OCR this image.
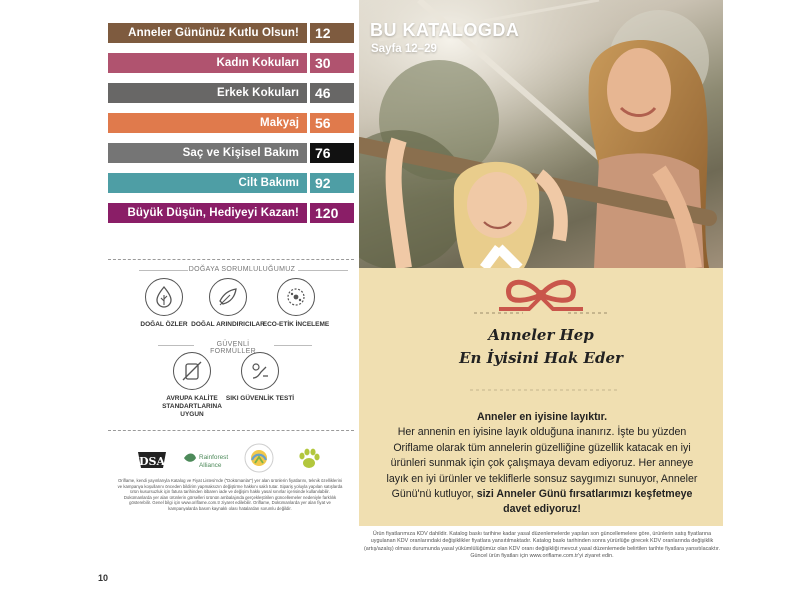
Anneler Gününüz Kutlu Olsun!	12
Kadın Kokuları	30
Erkek Kokuları	46
Makyaj	56
Saç ve Kişisel Bakım	76
Cilt Bakımı	92
Büyük Düşün, Hediyeyi Kazan!	120
DOĞAYA SORUMLULUĞUMUZ
DOĞAL ÖZLER DOĞAL ARINDIRICILAR
ECO-ETİK İNCELEME
GÜVENLİ FORMÜLLER
AVRUPA KALİTE STANDARTLARINA UYGUN
SIKI GÜVENLİK TESTİ
DSA	Rainforest
Alliance
Oriflame, kendi yayınlarıyla Katalog ve Fiyat Listesi'nde (“Dokümanlar”) yer alan ürünlerin fiyatlarını, teknik özelliklerini ve kampanya koşullarını önceden bildirim yapmaksızın değiştirme hakkını saklı tutar. Sipariş yoluyla yapılan satışlarda ürün kusursuzluk için fatura tarihinden itibaren iade ve değişim hakkı yasal sınırlar içerisinde kullanılabilir. Dokümanlarda yer alan ürünlerin görselleri ürünün ambalajında gerçekleştirilen güncellemeler nedeniyle farklılık gösterebilir. Genel bilgi için www.oriflame.com.tr ziyaret edilebilir. Oriflame, Dokümanlarda yer alan fiyat ve kampanyalarda basım kaynaklı olası hatalardan sorumlu değildir.
10
BU KATALOGDA
Sayfa 12–29
Anneler Hep
En İyisini Hak Eder
Anneler en iyisine layıktır.
Her annenin en iyisine layık olduğuna inanırız. İşte bu yüzden Oriflame olarak tüm annelerin güzelliğine güzellik katacak en iyi ürünleri sunmak için çok çalışmaya devam ediyoruz. Her anneye layık en iyi ürünler ve tekliflerle sonsuz saygımızı sunuyor, Anneler Günü'nü kutluyor, sizi Anneler Günü fırsatlarımızı keşfetmeye davet ediyoruz!
Ürün fiyatlarımıza KDV dahildir. Katalog baskı tarihine kadar yasal düzenlemelerde yapılan son güncellemelere göre, ürünlerin satış fiyatlarına uygulanan KDV oranlarındaki değişiklikler fiyatlara yansıtılmaktadır. Katalog baskı tarihinden sonra yürürlüğe girecek KDV oranlarında değişiklik (artış/azalış) olması durumunda yasal yükümlülüğümüz olan KDV oranı değişikliği mevcut yasal düzenlemede belirtilen tarihte fiyatlara yansıtılacaktır. Güncel ürün fiyatları için www.oriflame.com.tr'yi ziyaret edin.
